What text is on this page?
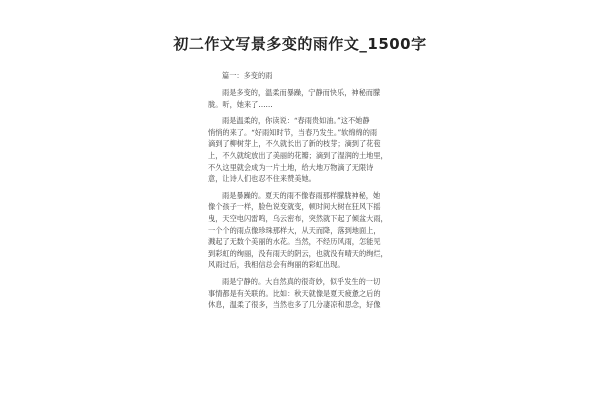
初二作文写景多变的雨作文_1500字
篇一：多变的雨
雨是多变的，温柔而暴躁，宁静而快乐，神秘而朦
胧。听，她来了……
雨是温柔的，你读说：“春雨贵如油。”这不她静
悄悄的来了。“好雨知时节，当春乃发生。”软绵绵的雨
滴到了柳树芽上，不久就长出了新的枝芽；滴到了花苞
上，不久就绽放出了美丽的花瓣；滴到了湿润的土地里，
不久这里就会成为一片土地，给大地万物滴了无限诗
意，让诗人们也忍不住来赞美她。
雨是暴躁的。夏天的雨不像春雨那样朦胧神秘，她
像个孩子一样，脸色说变就变，顿时间大树在狂风下摇
曳，天空电闪雷鸣，乌云密布，突然就下起了倾盆大雨，
一个个的雨点像珍珠那样大，从天而降，落到地面上，
溅起了无数个美丽的水花。当然，不经历风雨，怎能见
到彩虹的绚丽，没有雨天的阴云，也就没有晴天的绚烂，
风雨过后，我相信总会有绚丽的彩虹出现。
雨是宁静的。大自然真的很奇妙，似乎发生的一切
事情都是有关联的。比如：秋天就像是夏天疲惫之后的
休息，温柔了很多，当然也多了几分凄凉和思念，好像
